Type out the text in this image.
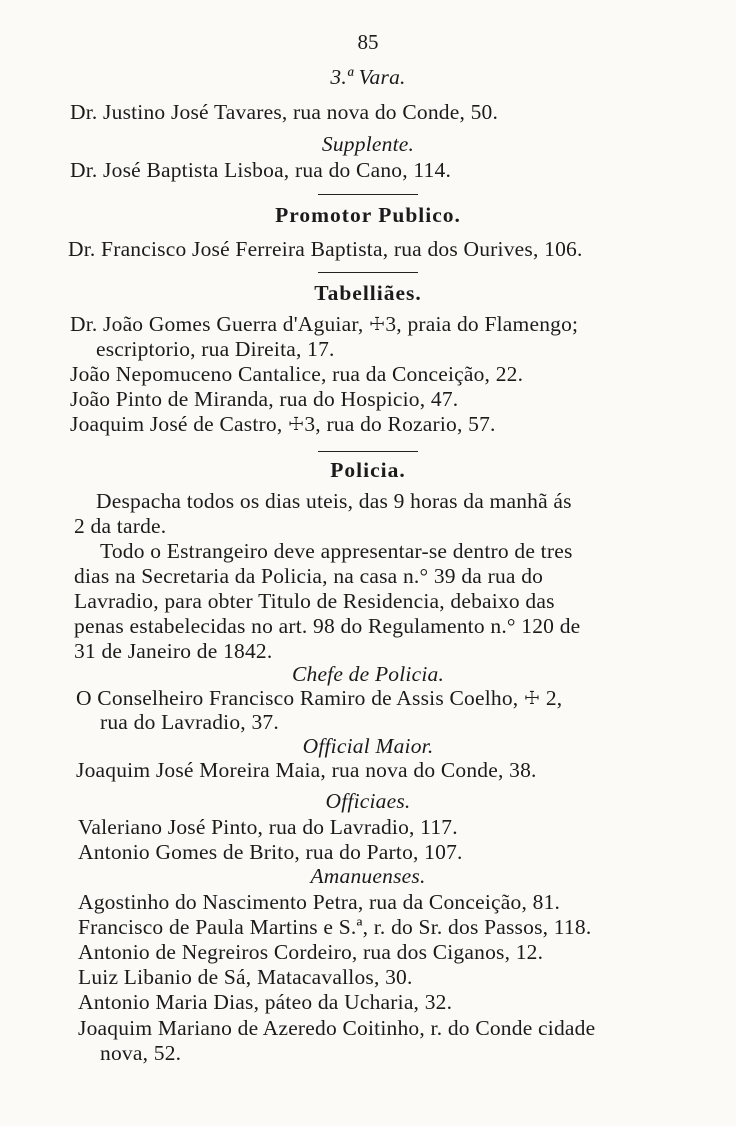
85
3.ª Vara.
Dr. Justino José Tavares, rua nova do Conde, 50.
Supplente.
Dr. José Baptista Lisboa, rua do Cano, 114.
Promotor Publico.
Dr. Francisco José Ferreira Baptista, rua dos Ourives, 106.
Tabelliães.
Dr. João Gomes Guerra d'Aguiar, ☩3, praia do Flamengo;
escriptorio, rua Direita, 17.
João Nepomuceno Cantalice, rua da Conceição, 22.
João Pinto de Miranda, rua do Hospicio, 47.
Joaquim José de Castro, ☩3, rua do Rozario, 57.
Policia.
Despacha todos os dias uteis, das 9 horas da manhã ás
2 da tarde.
Todo o Estrangeiro deve appresentar-se dentro de tres
dias na Secretaria da Policia, na casa n.° 39 da rua do
Lavradio, para obter Titulo de Residencia, debaixo das
penas estabelecidas no art. 98 do Regulamento n.° 120 de
31 de Janeiro de 1842.
Chefe de Policia.
O Conselheiro Francisco Ramiro de Assis Coelho, ☩ 2,
rua do Lavradio, 37.
Official Maior.
Joaquim José Moreira Maia, rua nova do Conde, 38.
Officiaes.
Valeriano José Pinto, rua do Lavradio, 117.
Antonio Gomes de Brito, rua do Parto, 107.
Amanuenses.
Agostinho do Nascimento Petra, rua da Conceição, 81.
Francisco de Paula Martins e S.ª, r. do Sr. dos Passos, 118.
Antonio de Negreiros Cordeiro, rua dos Ciganos, 12.
Luiz Libanio de Sá, Matacavallos, 30.
Antonio Maria Dias, páteo da Ucharia, 32.
Joaquim Mariano de Azeredo Coitinho, r. do Conde cidade
nova, 52.
